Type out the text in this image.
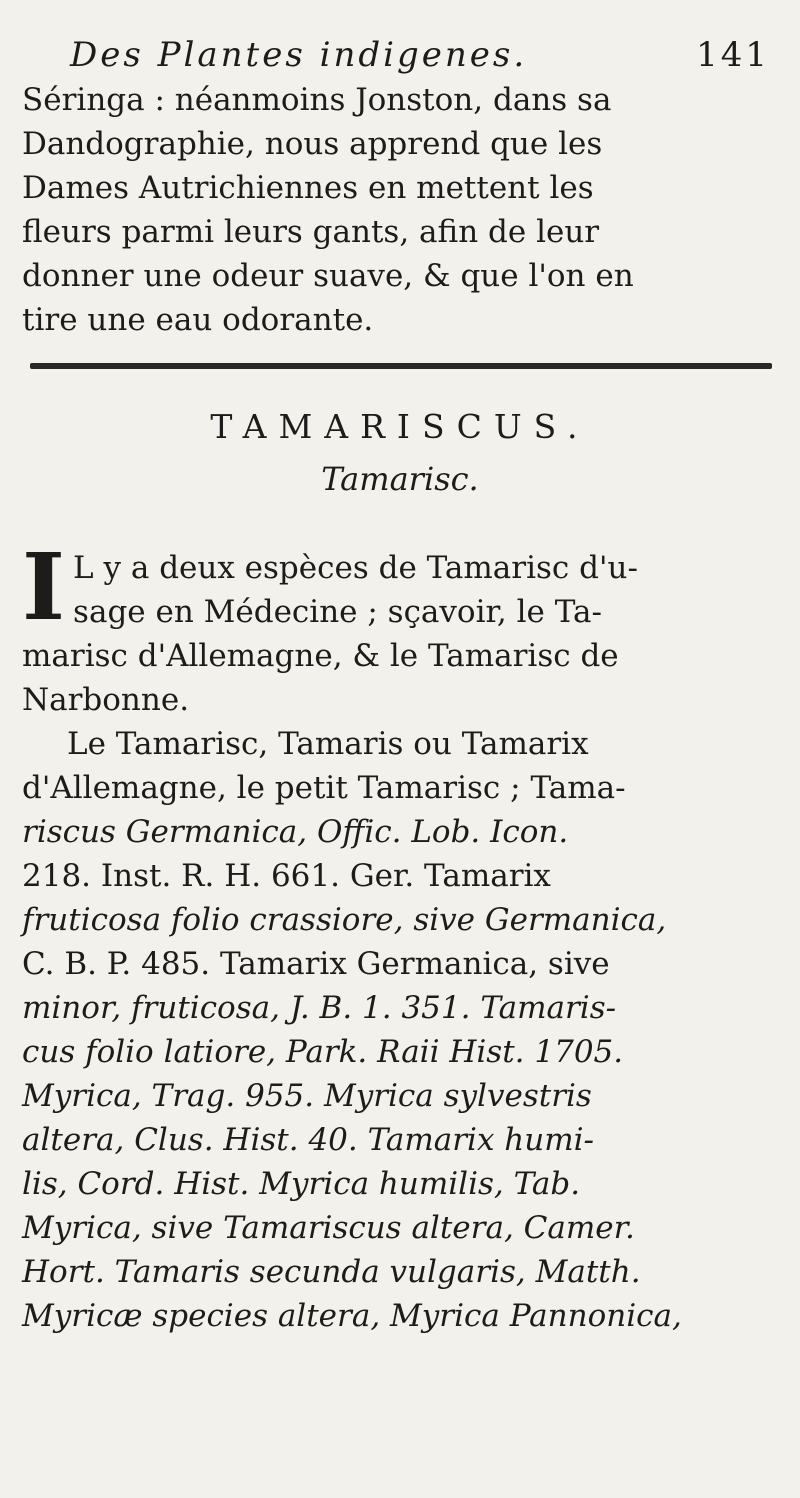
Des Plantes indigenes.	141

Séringa : néanmoins Jonston, dans sa

Dandographie, nous apprend que les

Dames Autrichiennes en mettent les

fleurs parmi leurs gants, afin de leur

donner une odeur suave, & que l'on en

tire une eau odorante.

TAMARISCUS.
Tamarisc.
I L y a deux espèces de Tamarisc d'u-

sage en Médecine ; sçavoir, le Ta-

marisc d'Allemagne, & le Tamarisc de

Narbonne.

Le Tamarisc, Tamaris ou Tamarix

d'Allemagne, le petit Tamarisc ; Tama-

riscus Germanica, Offic. Lob. Icon.

218. Inst. R. H. 661. Ger. Tamarix

fruticosa folio crassiore, sive Germanica,

C. B. P. 485. Tamarix Germanica, sive

minor, fruticosa, J. B. 1. 351. Tamaris-

cus folio latiore, Park. Raii Hist. 1705.

Myrica, Trag. 955. Myrica sylvestris

altera, Clus. Hist. 40. Tamarix humi-

lis, Cord. Hist. Myrica humilis, Tab.

Myrica, sive Tamariscus altera, Camer.

Hort. Tamaris secunda vulgaris, Matth.

Myricæ species altera, Myrica Pannonica,
